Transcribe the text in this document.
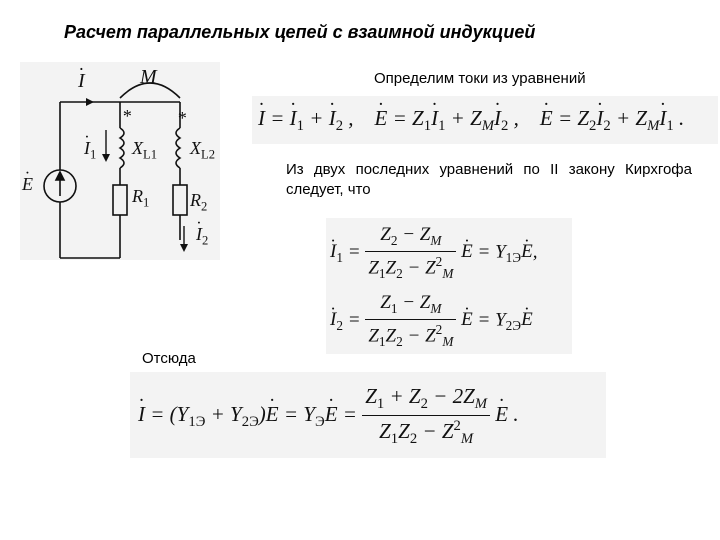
Расчет параллельных цепей с взаимной индукцией
· I	M
*	*
· $I_1$
· E
$X_{L1}$ $X_{L2}$
$R_1$ $R_2$
· $I_2$
Определим токи из уравнений
· I = · $I_1$ + · $I_2$ ,    · $E = Z_1\cdot I_1 + Z_M\cdot I_2$ ,    · $E = Z_2\cdot I_2 + Z_M\cdot I_1$ .
Из двух последних уравнений по II закону Кирхгофа следует, что
· $I_1 = \frac{Z_2 - Z_M}{Z_1Z_2 - Z^2_M}$
· $E = Y_{1Э}\cdot E$,
· $I_2 = \frac{Z_1 - Z_M}{Z_1Z_2 - Z^2_M}$
· $E = Y_{2Э}\cdot E$
Отсюда
· $I = (Y_{1Э} + Y_{2Э})\cdot E = Y_Э\cdot E = \frac{Z_1 + Z_2 - 2Z_M}{Z_1Z_2 - Z^2_M}$
· E .
